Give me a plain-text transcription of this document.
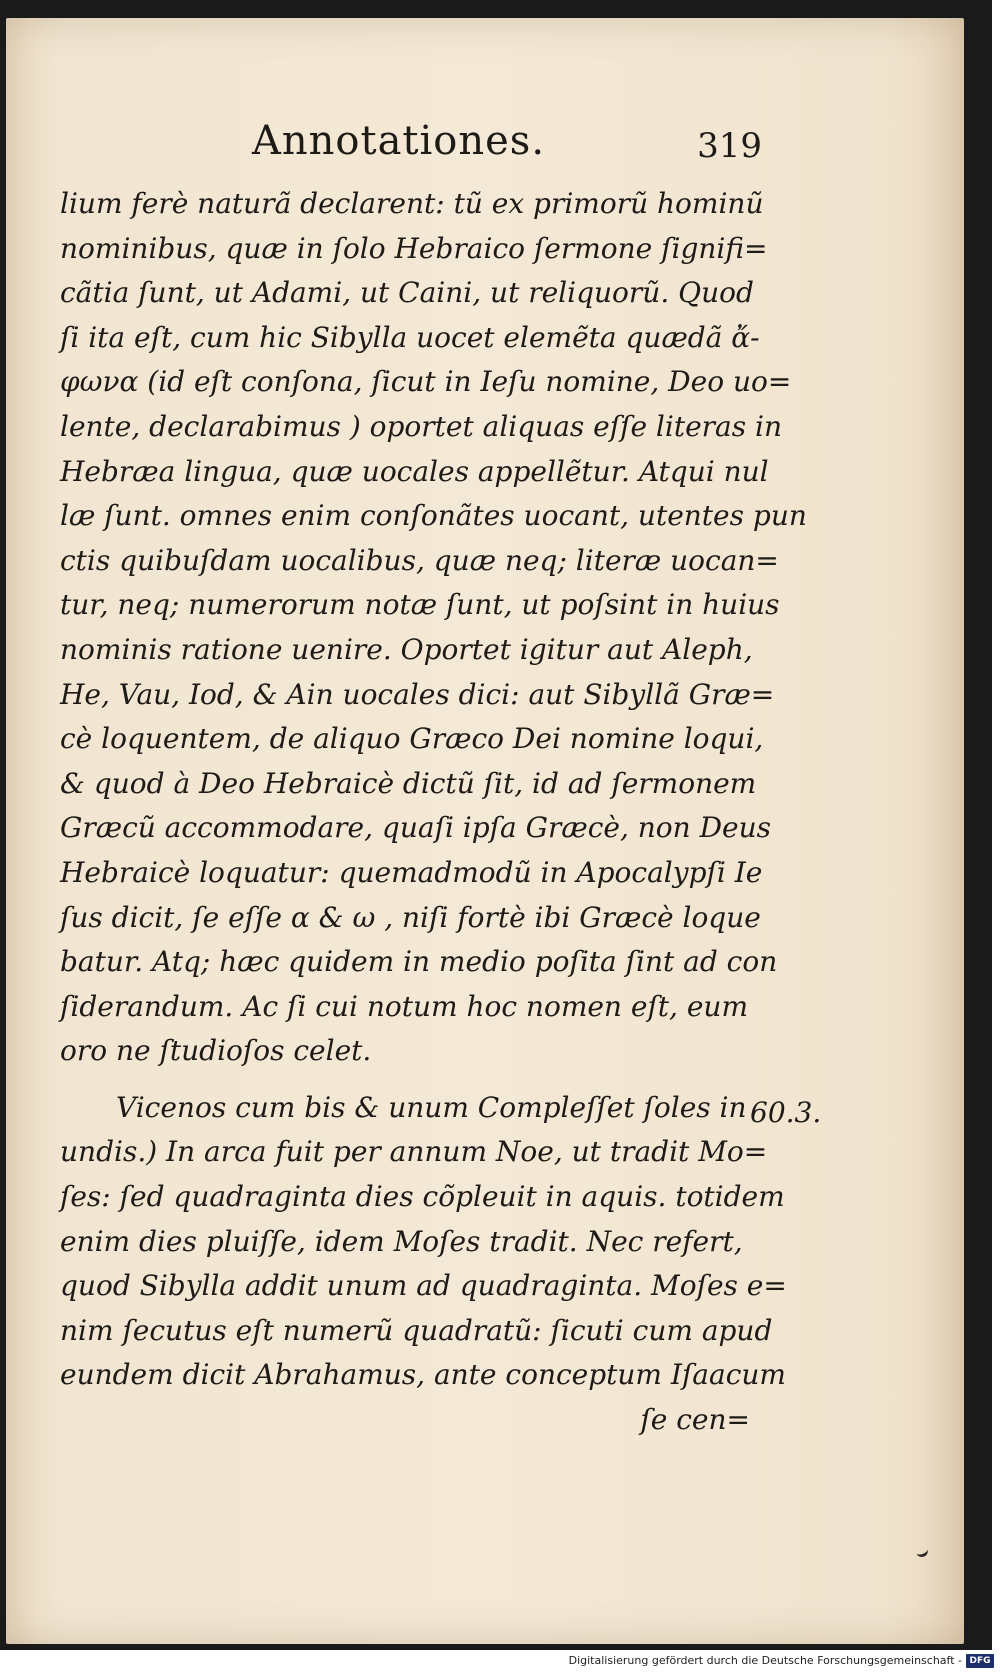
Annotationes.	319
lium ferè naturã declarent: tũ ex primorũ hominũ
nominibus, quæ in ſolo Hebraico ſermone ſignifi=
cãtia ſunt, ut Adami, ut Caini, ut reliquorũ. Quod
ſi ita eſt, cum hic Sibylla uocet elemẽta quædã ἄ-
φωνα (id eſt conſona, ſicut in Ieſu nomine, Deo uo=
lente, declarabimus ) oportet aliquas eſſe literas in
Hebræa lingua, quæ uocales appellẽtur. Atqui nul
læ ſunt. omnes enim conſonãtes uocant, utentes pun
ctis quibuſdam uocalibus, quæ neq; literæ uocan=
tur, neq; numerorum notæ ſunt, ut poſsint in huius
nominis ratione uenire. Oportet igitur aut Aleph,
He, Vau, Iod, & Ain uocales dici: aut Sibyllã Græ=
cè loquentem, de aliquo Græco Dei nomine loqui,
& quod à Deo Hebraicè dictũ ſit, id ad ſermonem
Græcũ accommodare, quaſi ipſa Græcè, non Deus
Hebraicè loquatur: quemadmodũ in Apocalypſi Ie
ſus dicit, ſe eſſe α & ω , niſi fortè ibi Græcè loque
batur. Atq; hæc quidem in medio poſita ſint ad con
ſiderandum. Ac ſi cui notum hoc nomen eſt, eum
oro ne ſtudioſos celet.
Vicenos cum bis & unum Compleſſet ſoles in
undis.) In arca fuit per annum Noe, ut tradit Mo=
ſes: ſed quadraginta dies cõpleuit in aquis. totidem
enim dies pluiſſe, idem Moſes tradit. Nec refert,
quod Sibylla addit unum ad quadraginta. Moſes e=
nim ſecutus eſt numerũ quadratũ: ſicuti cum apud
eundem dicit Abrahamus, ante conceptum Iſaacum
ſe cen=
60.3.
Digitalisierung gefördert durch die Deutsche Forschungsgemeinschaft - DFG
